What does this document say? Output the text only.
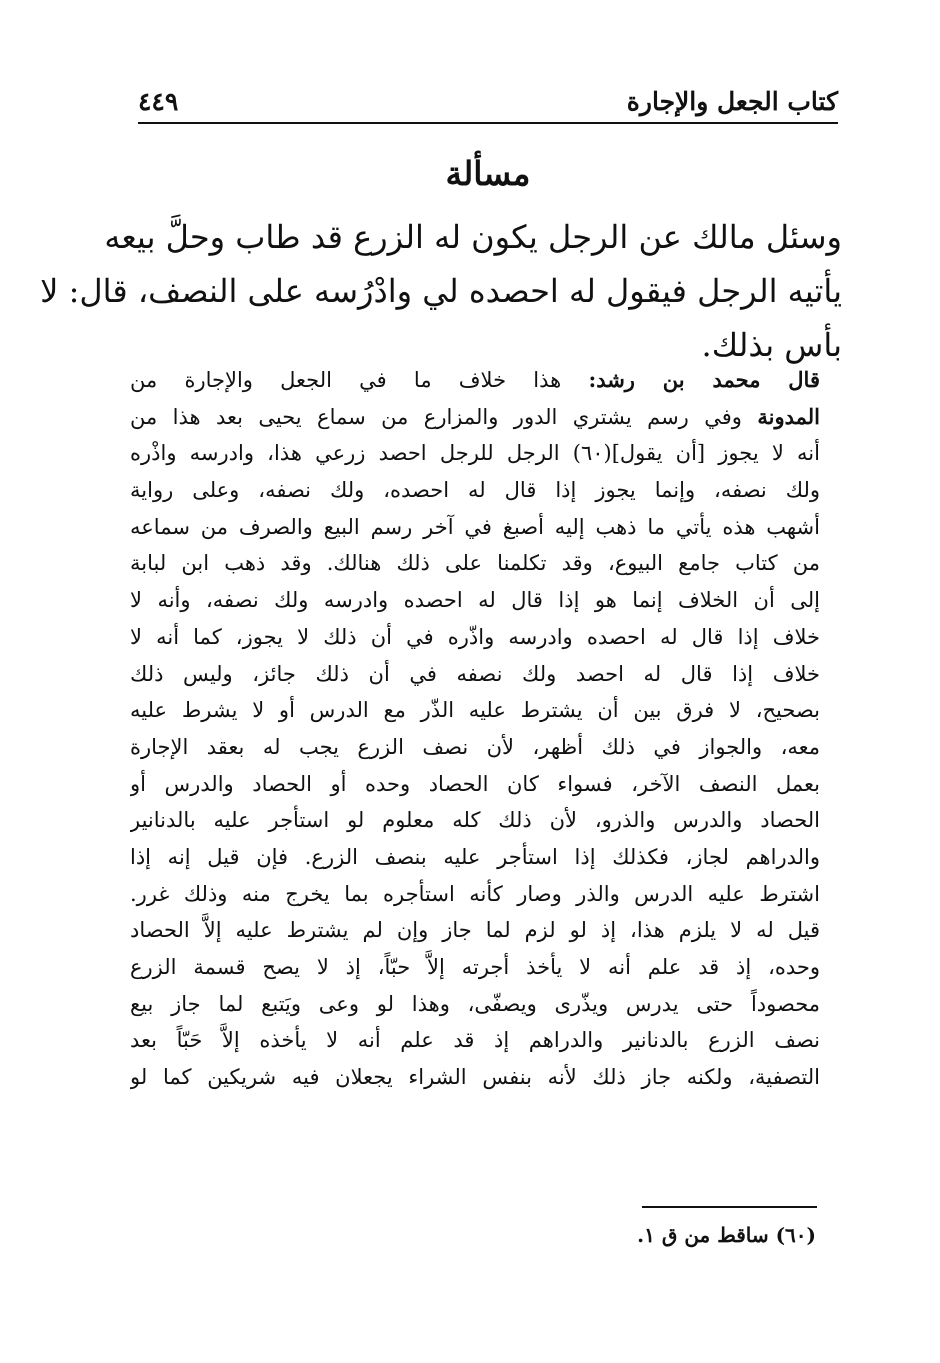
كتاب الجعل والإجارة
٤٤٩
مسألة
وسئل مالك عن الرجل يكون له الزرع قد طاب وحلَّ بيعه
يأتيه الرجل فيقول له احصده لي وادْرُسه على النصف، قال: لا
بأس بذلك.
قال محمد بن رشد: هذا خلاف ما في الجعل والإجارة من
المدونة وفي رسم يشتري الدور والمزارع من سماع يحيى بعد هذا من
أنه لا يجوز [أن يقول](٦٠) الرجل للرجل احصد زرعي هذا، وادرسه واذْره
ولك نصفه، وإنما يجوز إذا قال له احصده، ولك نصفه، وعلى رواية
أشهب هذه يأتي ما ذهب إليه أصبغ في آخر رسم البيع والصرف من سماعه
من كتاب جامع البيوع، وقد تكلمنا على ذلك هنالك. وقد ذهب ابن لبابة
إلى أن الخلاف إنما هو إذا قال له احصده وادرسه ولك نصفه، وأنه لا
خلاف إذا قال له احصده وادرسه واذّره في أن ذلك لا يجوز، كما أنه لا
خلاف إذا قال له احصد ولك نصفه في أن ذلك جائز، وليس ذلك
بصحيح، لا فرق بين أن يشترط عليه الذّر مع الدرس أو لا يشرط عليه
معه، والجواز في ذلك أظهر، لأن نصف الزرع يجب له بعقد الإجارة
بعمل النصف الآخر، فسواء كان الحصاد وحده أو الحصاد والدرس أو
الحصاد والدرس والذرو، لأن ذلك كله معلوم لو استأجر عليه بالدنانير
والدراهم لجاز، فكذلك إذا استأجر عليه بنصف الزرع. فإن قيل إنه إذا
اشترط عليه الدرس والذر وصار كأنه استأجره بما يخرج منه وذلك غرر.
قيل له لا يلزم هذا، إذ لو لزم لما جاز وإن لم يشترط عليه إلاَّ الحصاد
وحده، إذ قد علم أنه لا يأخذ أجرته إلاَّ حبّاً، إذ لا يصح قسمة الزرع
محصوداً حتى يدرس ويذّرى ويصفّى، وهذا لو وعى ويَتبع لما جاز بيع
نصف الزرع بالدنانير والدراهم إذ قد علم أنه لا يأخذه إلاَّ حَبّاً بعد
التصفية، ولكنه جاز ذلك لأنه بنفس الشراء يجعلان فيه شريكين كما لو
(٦٠) ساقط من ق ١.
